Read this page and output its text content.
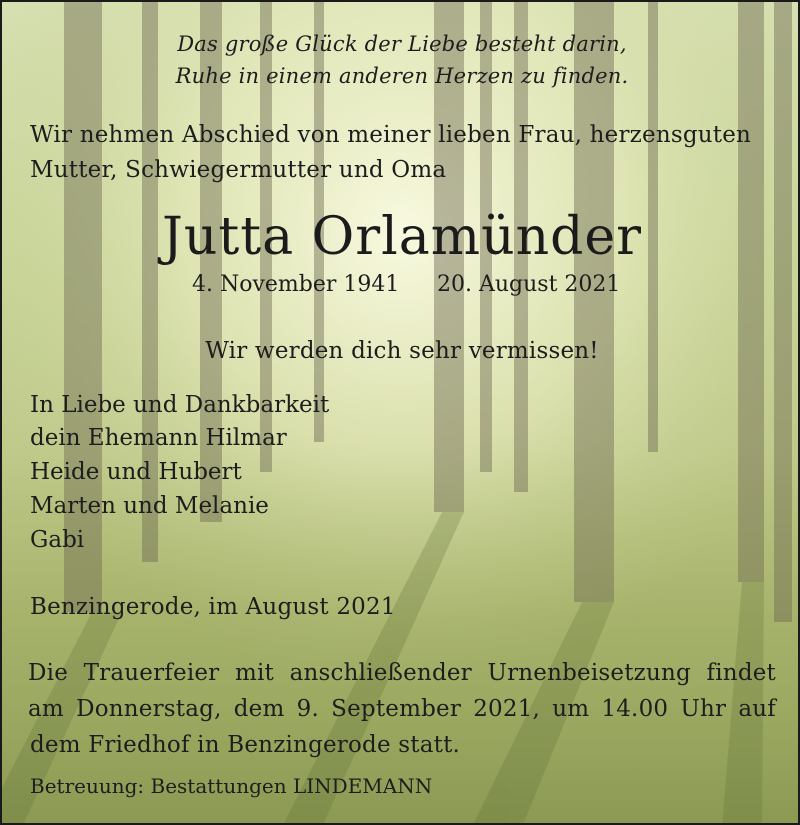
Das große Glück der Liebe besteht darin,
Ruhe in einem anderen Herzen zu finden.
Wir nehmen Abschied von meiner lieben Frau, herzensguten
Mutter, Schwiegermutter und Oma
Jutta Orlamünder
4. November 1941 20. August 2021
Wir werden dich sehr vermissen!
In Liebe und Dankbarkeit
dein Ehemann Hilmar
Heide und Hubert
Marten und Melanie
Gabi
Benzingerode, im August 2021
Die Trauerfeier mit anschließender Urnenbeisetzung findet
am Donnerstag, dem 9. September 2021, um 14.00 Uhr auf
dem Friedhof in Benzingerode statt.
Betreuung: Bestattungen LINDEMANN
